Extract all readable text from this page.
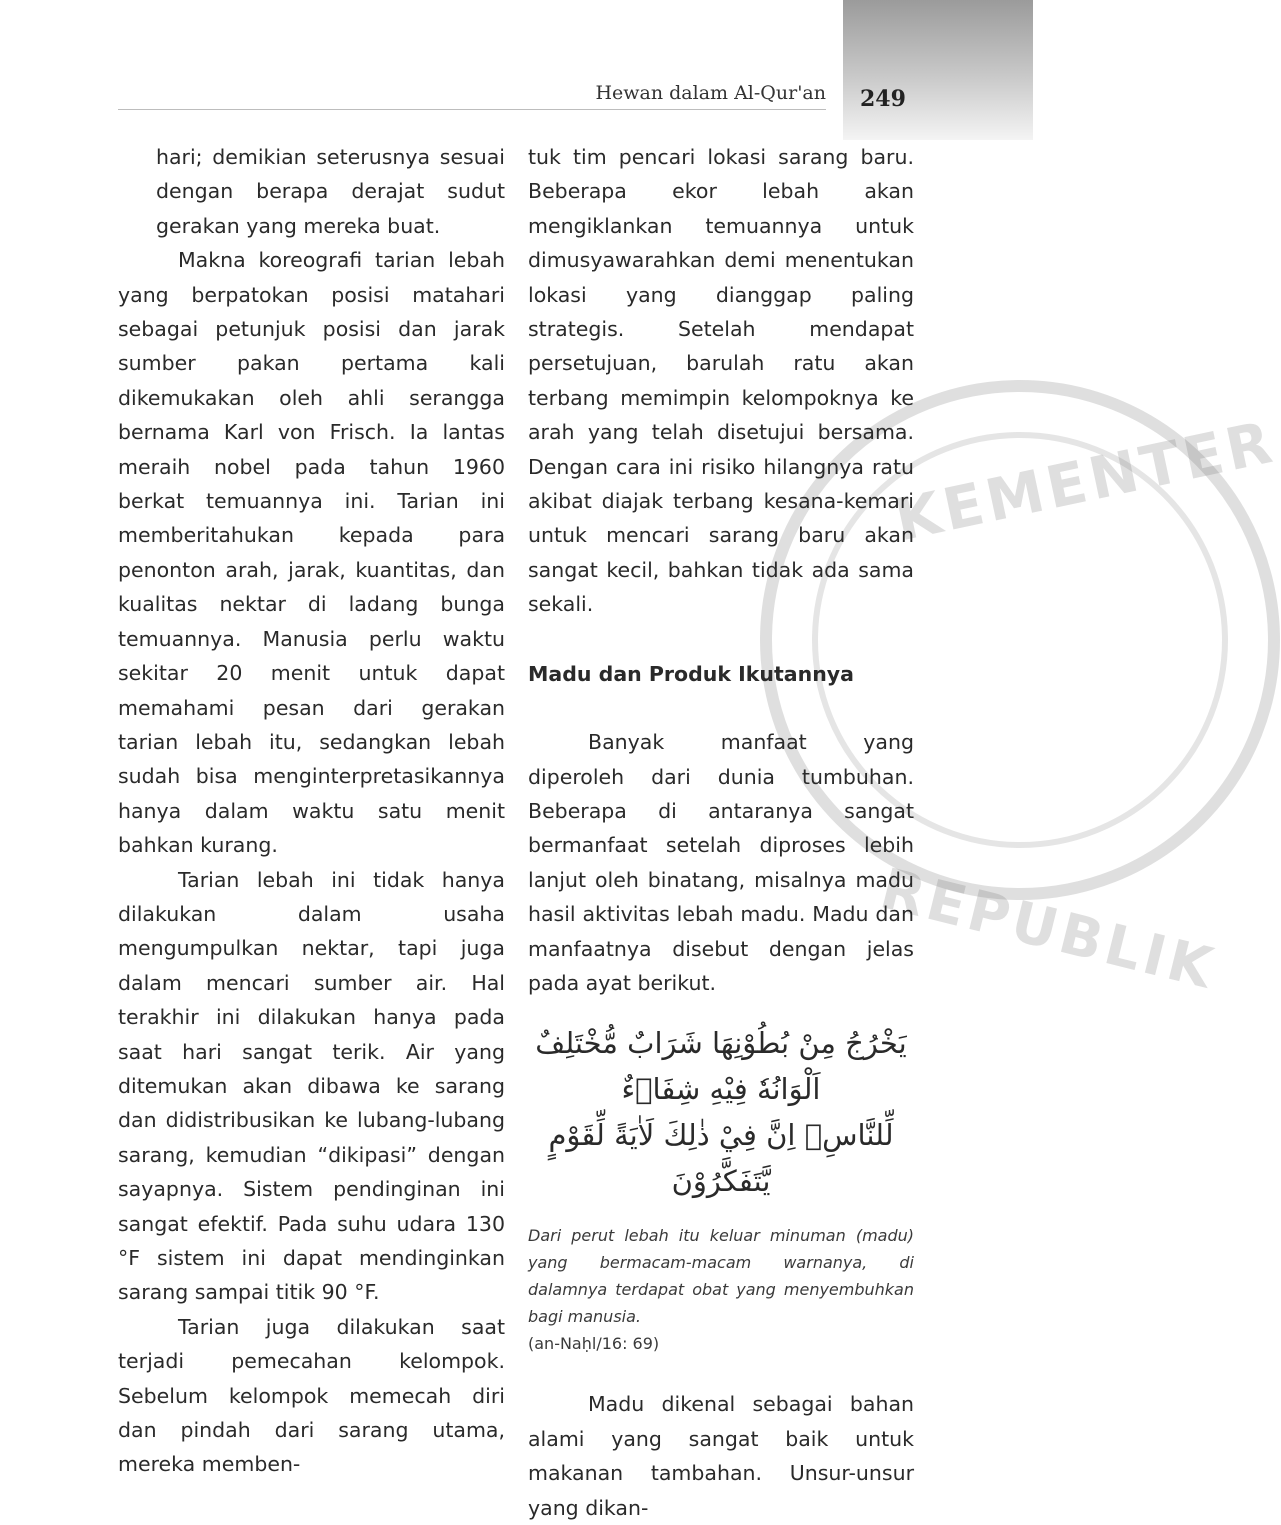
Hewan dalam Al-Qur'an 249
KEMENTER
REPUBLIK

hari; demikian seterusnya sesuai dengan berapa derajat sudut gerakan yang mereka buat.

Makna koreografi tarian lebah yang berpatokan posisi matahari sebagai petunjuk posisi dan jarak sumber pakan pertama kali dikemukakan oleh ahli serangga bernama Karl von Frisch. Ia lantas meraih nobel pada tahun 1960 berkat temuannya ini. Tarian ini memberitahukan kepada para penonton arah, jarak, kuantitas, dan kualitas nektar di ladang bunga temuannya. Manusia perlu waktu sekitar 20 menit untuk dapat memahami pesan dari gerakan tarian lebah itu, sedangkan lebah sudah bisa menginterpretasikannya hanya dalam waktu satu menit bahkan kurang.

Tarian lebah ini tidak hanya dilakukan dalam usaha mengumpulkan nektar, tapi juga dalam mencari sumber air. Hal terakhir ini dilakukan hanya pada saat hari sangat terik. Air yang ditemukan akan dibawa ke sarang dan didistribusikan ke lubang-lubang sarang, kemudian “dikipasi” dengan sayapnya. Sistem pendinginan ini sangat efektif. Pada suhu udara 130 °F sistem ini dapat mendinginkan sarang sampai titik 90 °F.

Tarian juga dilakukan saat terjadi pemecahan kelompok. Sebelum kelompok memecah diri dan pindah dari sarang utama, mereka memben-

tuk tim pencari lokasi sarang baru. Beberapa ekor lebah akan mengiklankan temuannya untuk dimusyawarahkan demi menentukan lokasi yang dianggap paling strategis. Setelah mendapat persetujuan, barulah ratu akan terbang memimpin kelompoknya ke arah yang telah disetujui bersama. Dengan cara ini risiko hilangnya ratu akibat diajak terbang kesana-kemari untuk mencari sarang baru akan sangat kecil, bahkan tidak ada sama sekali.

Madu dan Produk Ikutannya

Banyak manfaat yang diperoleh dari dunia tumbuhan. Beberapa di antaranya sangat bermanfaat setelah diproses lebih lanjut oleh binatang, misalnya madu hasil aktivitas lebah madu. Madu dan manfaatnya disebut dengan jelas pada ayat berikut.

يَخْرُجُ مِنْ بُطُوْنِهَا شَرَابٌ مُّخْتَلِفٌ اَلْوَانُهٗ فِيْهِ شِفَاۤءٌ
لِّلنَّاسِۗ اِنَّ فِيْ ذٰلِكَ لَاٰيَةً لِّقَوْمٍ يَّتَفَكَّرُوْنَ

Dari perut lebah itu keluar minuman (madu) yang bermacam-macam warnanya, di dalamnya terdapat obat yang menyembuhkan bagi manusia.
(an-Naḥl/16: 69)

Madu dikenal sebagai bahan alami yang sangat baik untuk makanan tambahan. Unsur-unsur yang dikan-
